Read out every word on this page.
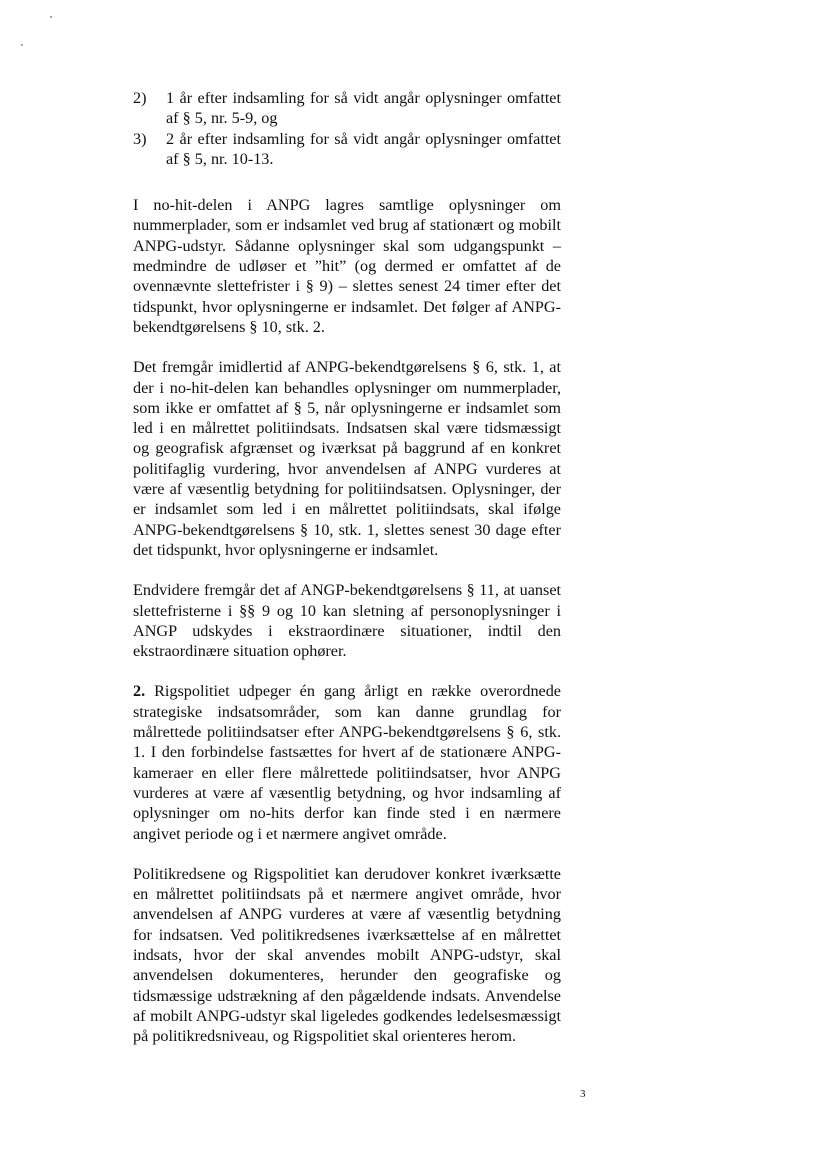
2) 1 år efter indsamling for så vidt angår oplysninger omfattet af § 5, nr. 5-9, og
3) 2 år efter indsamling for så vidt angår oplysninger omfattet af § 5, nr. 10-13.

I no-hit-delen i ANPG lagres samtlige oplysninger om nummerplader, som er indsamlet ved brug af stationært og mobilt ANPG-udstyr. Sådanne oplysninger skal som udgangspunkt – medmindre de udløser et ”hit” (og dermed er omfattet af de ovennævnte slettefrister i § 9) – slettes senest 24 timer efter det tidspunkt, hvor oplysningerne er indsamlet. Det følger af ANPG-bekendtgørelsens § 10, stk. 2.

Det fremgår imidlertid af ANPG-bekendtgørelsens § 6, stk. 1, at der i no-hit-delen kan behandles oplysninger om nummerplader, som ikke er omfattet af § 5, når oplysningerne er indsamlet som led i en målrettet politiindsats. Indsatsen skal være tidsmæssigt og geografisk afgrænset og iværksat på baggrund af en konkret politifaglig vurdering, hvor anvendelsen af ANPG vurderes at være af væsentlig betydning for politiindsatsen. Oplysninger, der er indsamlet som led i en målrettet politiindsats, skal ifølge ANPG-bekendtgørelsens § 10, stk. 1, slettes senest 30 dage efter det tidspunkt, hvor oplysningerne er indsamlet.

Endvidere fremgår det af ANGP-bekendtgørelsens § 11, at uanset slettefristerne i §§ 9 og 10 kan sletning af personoplysninger i ANGP udskydes i ekstraordinære situationer, indtil den ekstraordinære situation ophører.

2. Rigspolitiet udpeger én gang årligt en række overordnede strategiske indsatsområder, som kan danne grundlag for målrettede politiindsatser efter ANPG-bekendtgørelsens § 6, stk. 1. I den forbindelse fastsættes for hvert af de stationære ANPG-kameraer en eller flere målrettede politiindsatser, hvor ANPG vurderes at være af væsentlig betydning, og hvor indsamling af oplysninger om no-hits derfor kan finde sted i en nærmere angivet periode og i et nærmere angivet område.

Politikredsene og Rigspolitiet kan derudover konkret iværksætte en målrettet politiindsats på et nærmere angivet område, hvor anvendelsen af ANPG vurderes at være af væsentlig betydning for indsatsen. Ved politikredsenes iværksættelse af en målrettet indsats, hvor der skal anvendes mobilt ANPG-udstyr, skal anvendelsen dokumenteres, herunder den geografiske og tidsmæssige udstrækning af den pågældende indsats. Anvendelse af mobilt ANPG-udstyr skal ligeledes godkendes ledelsesmæssigt på politikredsniveau, og Rigspolitiet skal orienteres herom.

3
